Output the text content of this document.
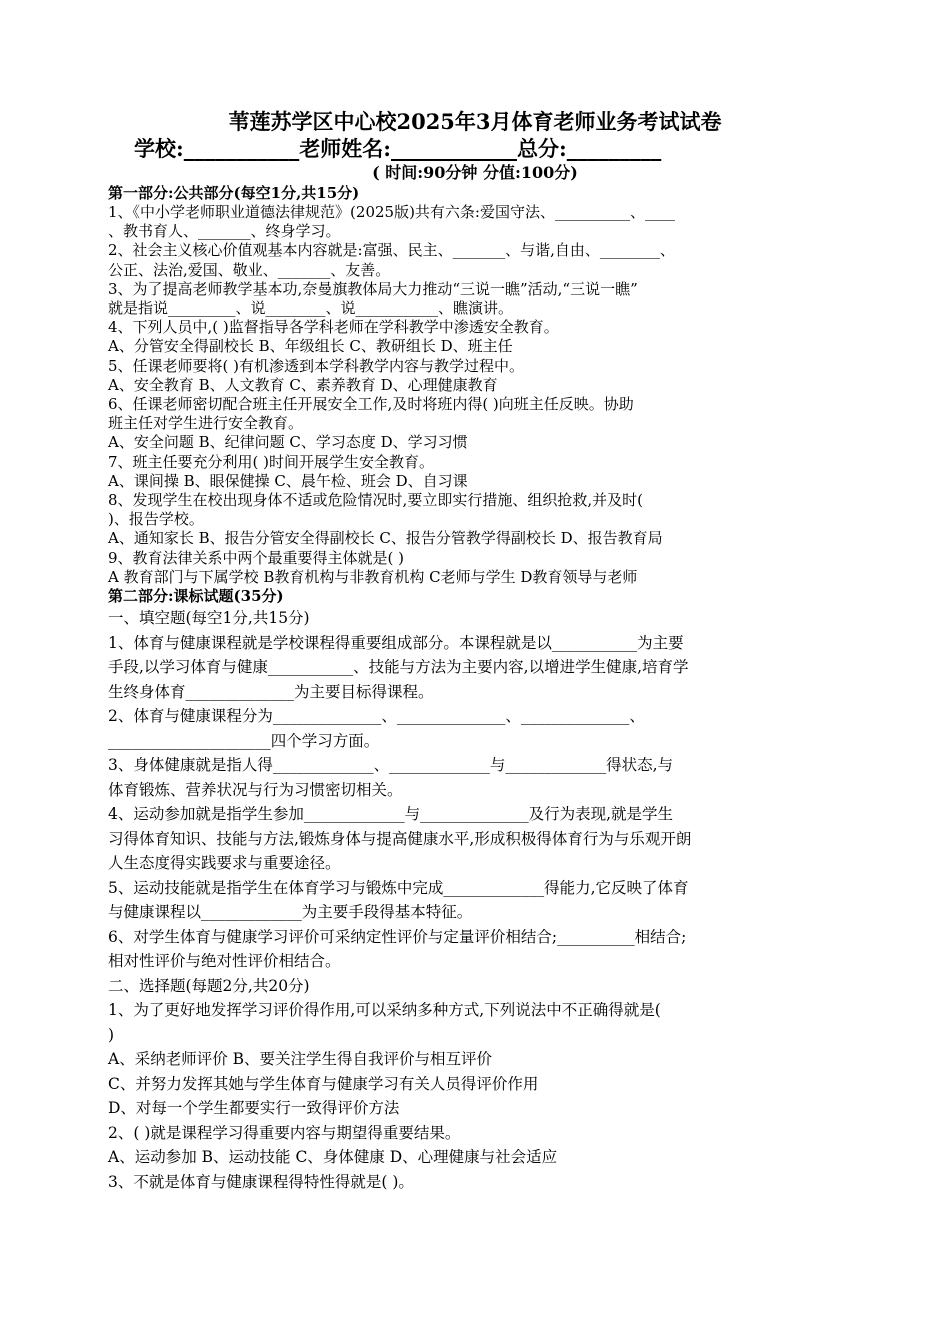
苇莲苏学区中心校2025年3月体育老师业务考试试卷
学校:___________老师姓名:____________总分:_________
( 时间:90分钟 分值:100分)
第一部分:公共部分(每空1分,共15分)
1、《中小学老师职业道德法律规范》(2025版)共有六条:爱国守法、__________、____
、教书育人、_______、终身学习。
2、社会主义核心价值观基本内容就是:富强、民主、_______、与谐,自由、________、
公正、法治,爱国、敬业、_______、友善。
3、为了提高老师教学基本功,奈曼旗教体局大力推动“三说一瞧”活动,“三说一瞧”
就是指说_________、说________、说___________、瞧演讲。
4、下列人员中,( )监督指导各学科老师在学科教学中渗透安全教育。
A、分管安全得副校长 B、年级组长 C、教研组长 D、班主任
5、任课老师要将( )有机渗透到本学科教学内容与教学过程中。
A、安全教育 B、人文教育 C、素养教育 D、心理健康教育
6、任课老师密切配合班主任开展安全工作,及时将班内得( )向班主任反映。协助
班主任对学生进行安全教育。
A、安全问题 B、纪律问题 C、学习态度 D、学习习惯
7、班主任要充分利用( )时间开展学生安全教育。
A、课间操 B、眼保健操 C、晨午检、班会 D、自习课
8、发现学生在校出现身体不适或危险情况时,要立即实行措施、组织抢救,并及时(
)、报告学校。
A、通知家长 B、报告分管安全得副校长 C、报告分管教学得副校长 D、报告教育局
9、教育法律关系中两个最重要得主体就是( )
A 教育部门与下属学校 B教育机构与非教育机构 C老师与学生 D教育领导与老师
第二部分:课标试题(35分)
一、填空题(每空1分,共15分)
1、体育与健康课程就是学校课程得重要组成部分。本课程就是以___________为主要
手段,以学习体育与健康___________、技能与方法为主要内容,以增进学生健康,培育学
生终身体育______________为主要目标得课程。
2、体育与健康课程分为______________、______________、______________、
_____________________四个学习方面。
3、身体健康就是指人得_____________、_____________与_____________得状态,与
体育锻炼、营养状况与行为习惯密切相关。
4、运动参加就是指学生参加_____________与______________及行为表现,就是学生
习得体育知识、技能与方法,锻炼身体与提高健康水平,形成积极得体育行为与乐观开朗
人生态度得实践要求与重要途径。
5、运动技能就是指学生在体育学习与锻炼中完成_____________得能力,它反映了体育
与健康课程以_____________为主要手段得基本特征。
6、对学生体育与健康学习评价可采纳定性评价与定量评价相结合;__________相结合;
相对性评价与绝对性评价相结合。
二、选择题(每题2分,共20分)
1、为了更好地发挥学习评价得作用,可以采纳多种方式,下列说法中不正确得就是(
)
A、采纳老师评价 B、要关注学生得自我评价与相互评价
C、并努力发挥其她与学生体育与健康学习有关人员得评价作用
D、对每一个学生都要实行一致得评价方法
2、( )就是课程学习得重要内容与期望得重要结果。
A、运动参加 B、运动技能 C、身体健康 D、心理健康与社会适应
3、不就是体育与健康课程得特性得就是( )。
